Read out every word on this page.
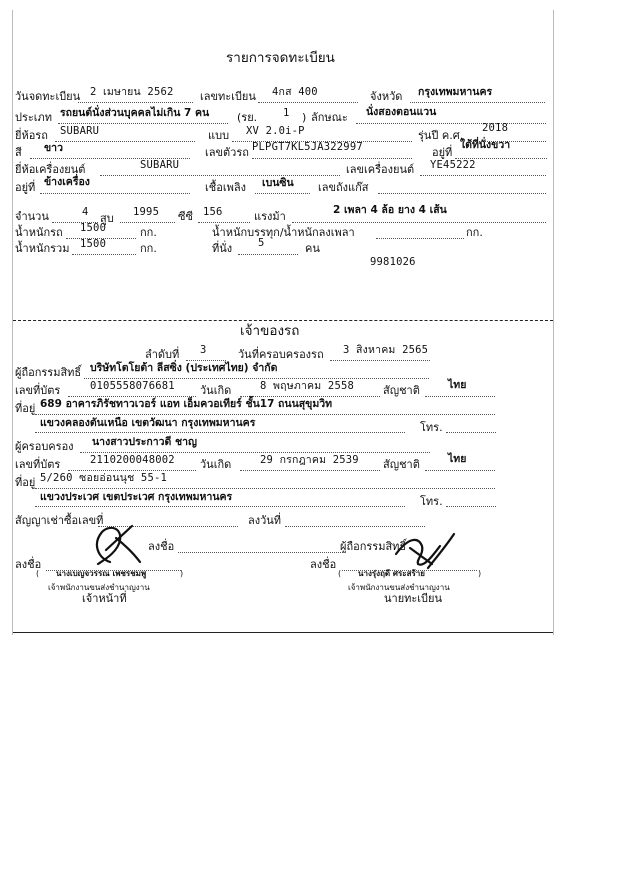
รายการจดทะเบียน
วันจดทะเบียน 2 เมษายน 2562 เลขทะเบียน 4กส 400	จังหวัด กรุงเทพมหานคร
ประเภท รถยนต์นั่งส่วนบุคคลไม่เกิน 7 คน	(รย. 1 ) ลักษณะ นั่งสองตอนแวน
ยี่ห้อรถ SUBARU	แบบ XV 2.0i-P	รุ่นปี ค.ศ.
2018
สี ขาว	เลขตัวรถ PLPGT7KL5JA322997	อยู่ที่
ใต้ที่นั่งขวา
ยี่ห้อเครื่องยนต์	SUBARU	เลขเครื่องยนต์ YE45222
อยู่ที่ ข้างเครื่อง	เชื้อเพลิง เบนซิน เลขถังแก๊ส
จำนวน	4 สูบ 1995 ซีซี 156	แรงม้า	2 เพลา 4 ล้อ ยาง 4 เส้น
น้ำหนักรถ 1500	กก.	น้ำหนักบรรทุก/น้ำหนักลงเพลา	กก.
น้ำหนักรวม 1500	กก.	ที่นั่ง 5	คน
9981026
เจ้าของรถ
ลำดับที่ 3	วันที่ครอบครองรถ 3 สิงหาคม 2565
ผู้ถือกรรมสิทธิ์ บริษัทโตโยต้า ลีสซิ่ง (ประเทศไทย) จำกัด
เลขที่บัตร	0105558076681 วันเกิด	8 พฤษภาคม 2558	สัญชาติ	ไทย
ที่อยู่ 689 อาคารภิรัชทาวเวอร์ แอท เอ็มควอเทียร์ ชั้น17 ถนนสุขุมวิท
แขวงคลองตันเหนือ เขตวัฒนา กรุงเทพมหานคร	โทร.
ผู้ครอบครอง นางสาวประกาวดี ชาญ
เลขที่บัตร	2110200048002 วันเกิด	29 กรกฎาคม 2539 สัญชาติ	ไทย
ที่อยู่ 5/260 ซอยอ่อนนุช 55-1
แขวงประเวศ เขตประเวศ กรุงเทพมหานคร	โทร.
สัญญาเช่าซื้อเลขที่	ลงวันที่
ลงชื่อ	ผู้ถือกรรมสิทธิ์
ลงชื่อ	ลงชื่อ
( นางเบญจวรรณ เพชรชมพู	)
เจ้าพนักงานขนส่งชำนาญงาน
เจ้าหน้าที่
( นางรุ่งฤดี ศระสร้าย	)
เจ้าพนักงานขนส่งชำนาญงาน
นายทะเบียน
